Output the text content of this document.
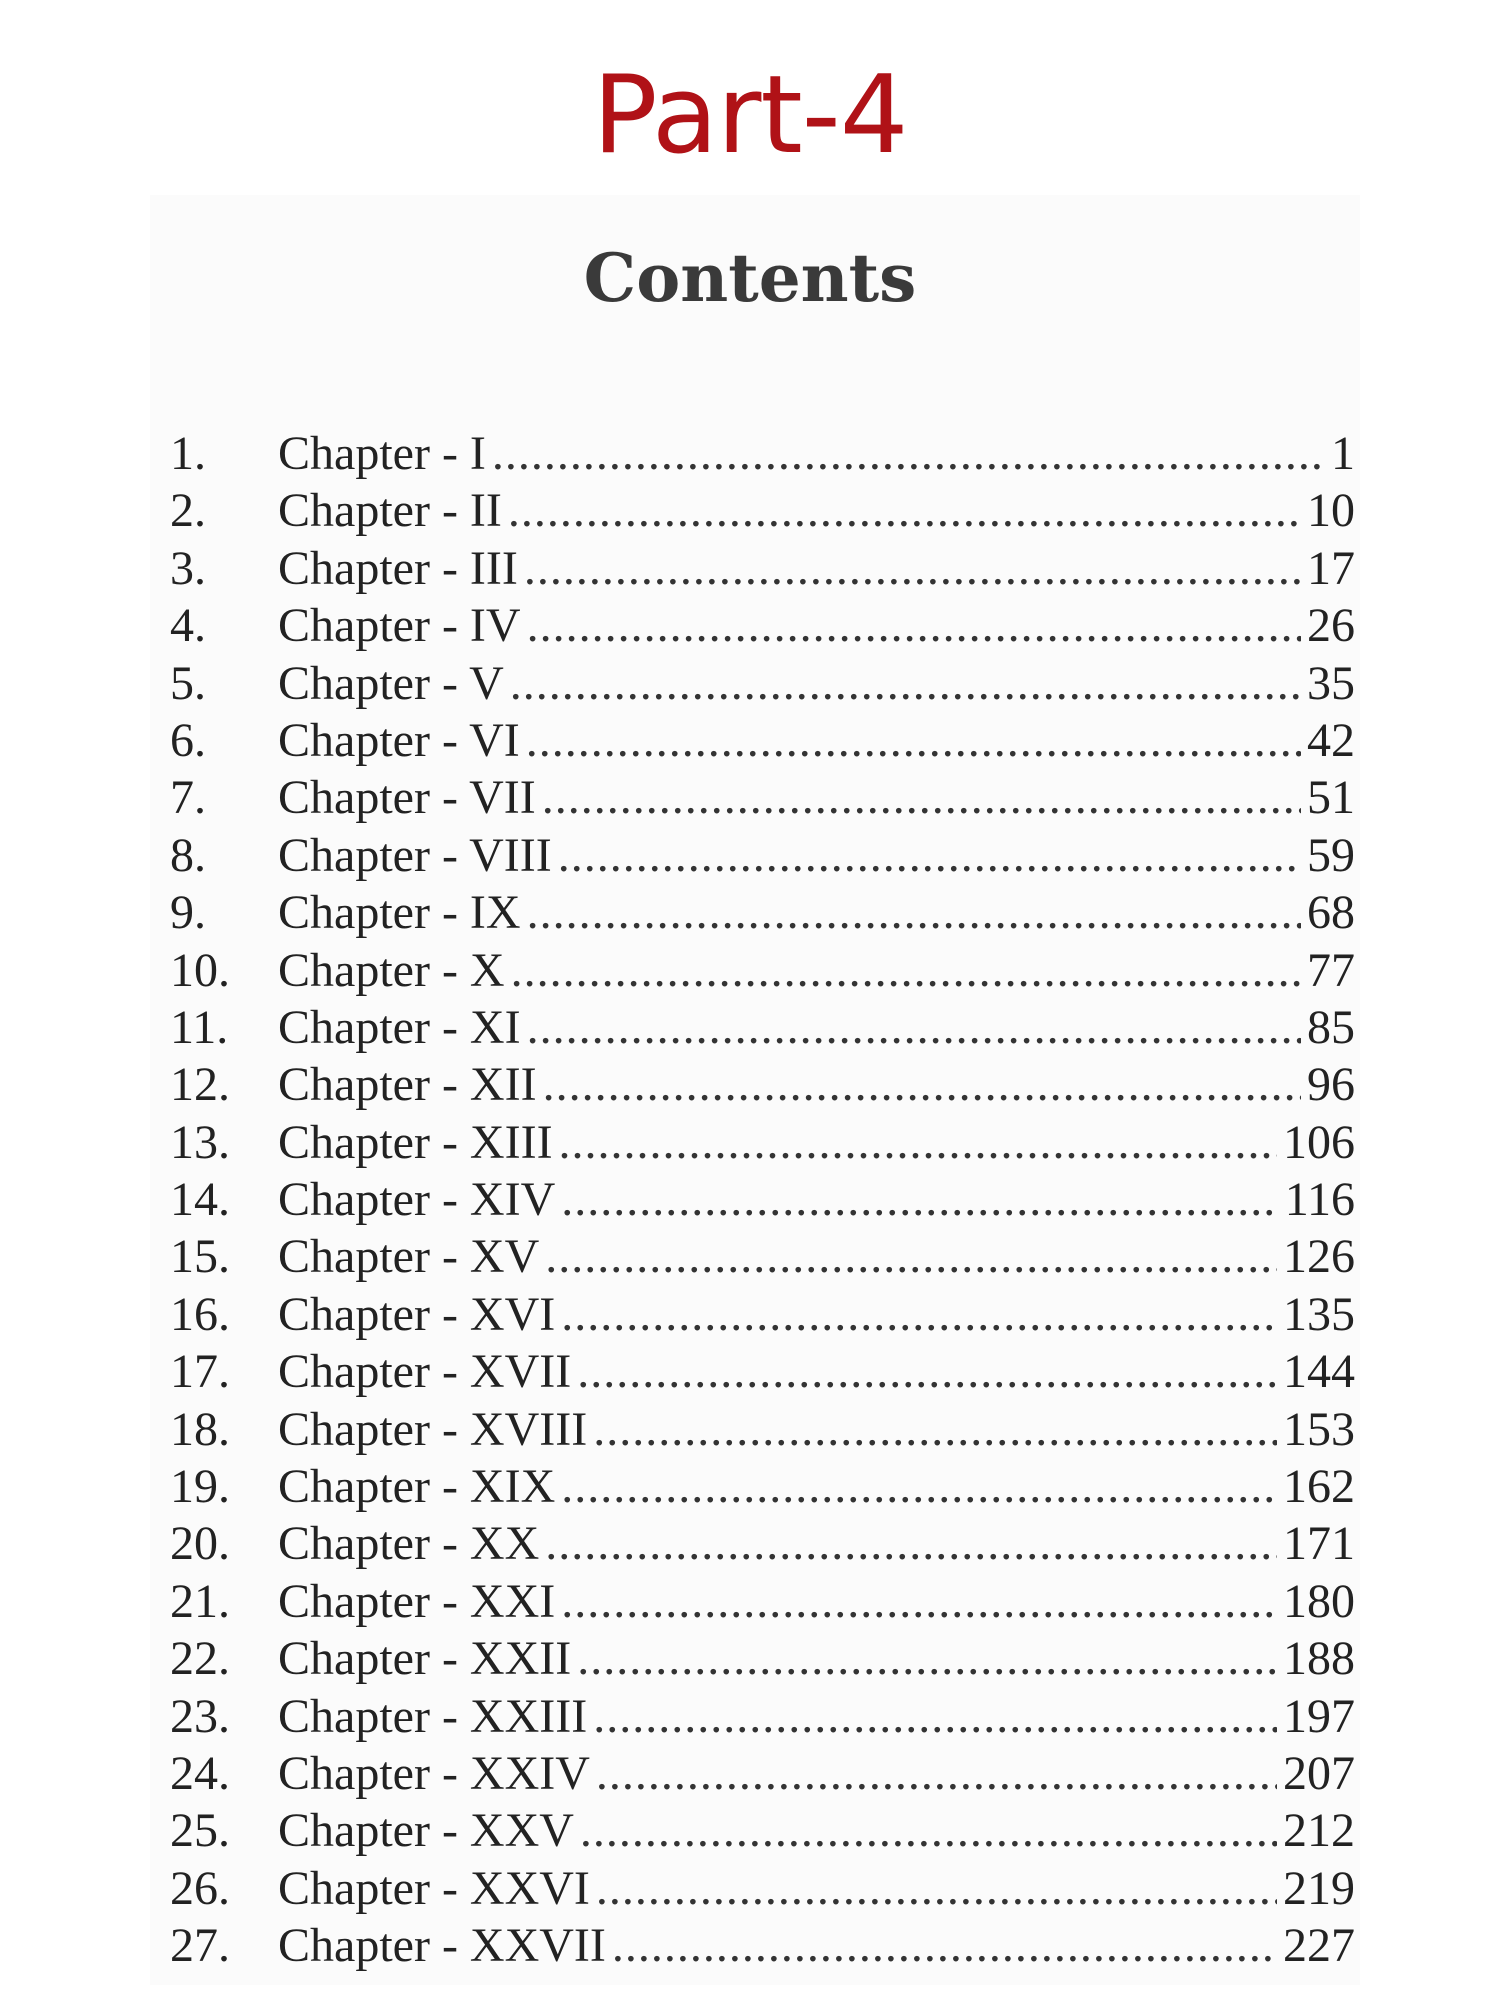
Part-4
Contents
1.	Chapter - I .....	1
2.	Chapter - II .....	10
3.	Chapter - III .....	17
4.	Chapter - IV .....	26
5.	Chapter - V .....	35
6.	Chapter - VI .....	42
7.	Chapter - VII .....	51
8.	Chapter - VIII .....	59
9.	Chapter - IX .....	68
10.	Chapter - X .....	77
11.	Chapter - XI .....	85
12.	Chapter - XII .....	96
13.	Chapter - XIII .....	106
14.	Chapter - XIV .....	116
15.	Chapter - XV .....	126
16.	Chapter - XVI .....	135
17.	Chapter - XVII .....	144
18.	Chapter - XVIII .....	153
19.	Chapter - XIX .....	162
20.	Chapter - XX .....	171
21.	Chapter - XXI .....	180
22.	Chapter - XXII .....	188
23.	Chapter - XXIII .....	197
24.	Chapter - XXIV .....	207
25.	Chapter - XXV .....	212
26.	Chapter - XXVI .....	219
27.	Chapter - XXVII .....	227
